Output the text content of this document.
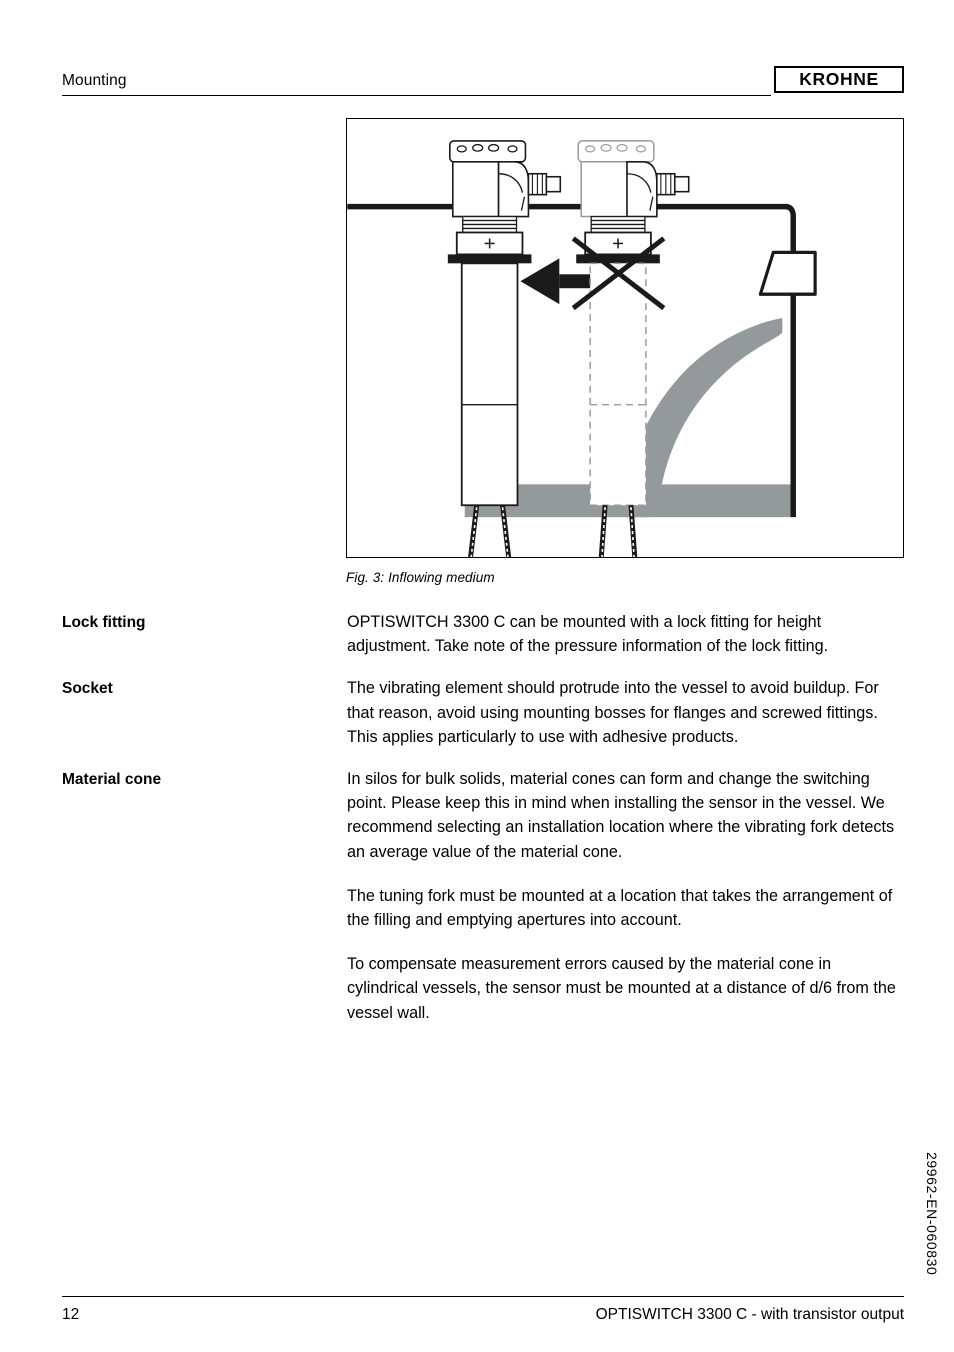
Mounting	KROHNE
Fig. 3: Inflowing medium
Lock fitting	OPTISWITCH 3300 C can be mounted with a lock fitting for height adjustment. Take note of the pressure information of the lock fitting.

Socket	The vibrating element should protrude into the vessel to avoid buildup. For that reason, avoid using mounting bosses for flanges and screwed fittings. This applies particularly to use with adhesive products.

Material cone	In silos for bulk solids, material cones can form and change the switching point. Please keep this in mind when installing the sensor in the vessel. We recommend selecting an installation location where the vibrating fork detects an average value of the material cone.

The tuning fork must be mounted at a location that takes the arrangement of the filling and emptying apertures into account.

To compensate measurement errors caused by the material cone in cylindrical vessels, the sensor must be mounted at a distance of d/6 from the vessel wall.

29962-EN-060830
12	OPTISWITCH 3300 C - with transistor output
